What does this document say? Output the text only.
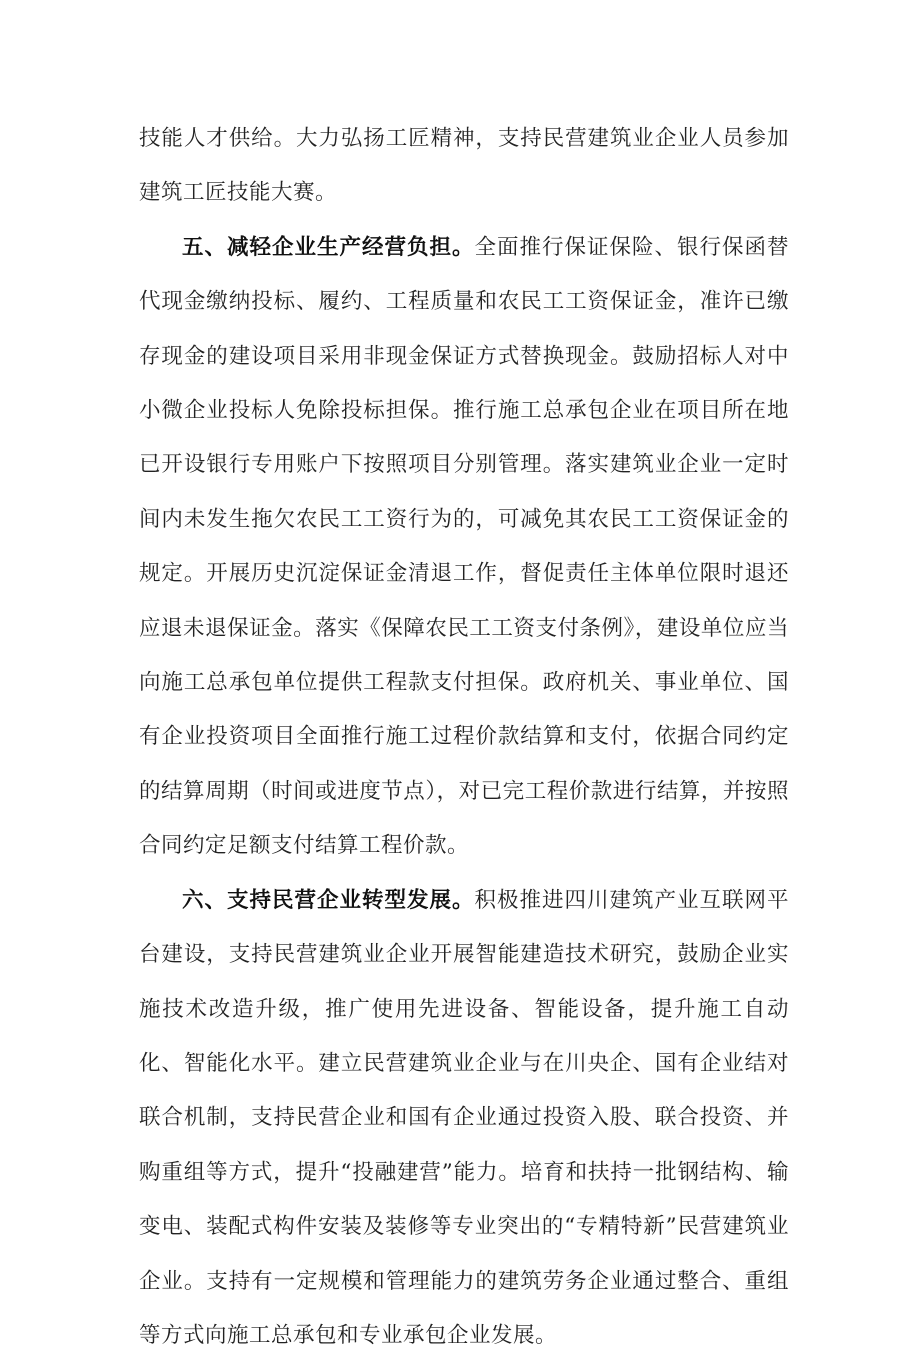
技能人才供给。大力弘扬工匠精神，支持民营建筑业企业人员参加建筑工匠技能大赛。

五、减轻企业生产经营负担。全面推行保证保险、银行保函替代现金缴纳投标、履约、工程质量和农民工工资保证金，准许已缴存现金的建设项目采用非现金保证方式替换现金。鼓励招标人对中小微企业投标人免除投标担保。推行施工总承包企业在项目所在地已开设银行专用账户下按照项目分别管理。落实建筑业企业一定时间内未发生拖欠农民工工资行为的，可减免其农民工工资保证金的规定。开展历史沉淀保证金清退工作，督促责任主体单位限时退还应退未退保证金。落实《保障农民工工资支付条例》，建设单位应当向施工总承包单位提供工程款支付担保。政府机关、事业单位、国有企业投资项目全面推行施工过程价款结算和支付，依据合同约定的结算周期（时间或进度节点），对已完工程价款进行结算，并按照合同约定足额支付结算工程价款。

六、支持民营企业转型发展。积极推进四川建筑产业互联网平台建设，支持民营建筑业企业开展智能建造技术研究，鼓励企业实施技术改造升级，推广使用先进设备、智能设备，提升施工自动化、智能化水平。建立民营建筑业企业与在川央企、国有企业结对联合机制，支持民营企业和国有企业通过投资入股、联合投资、并购重组等方式，提升“投融建营”能力。培育和扶持一批钢结构、输变电、装配式构件安装及装修等专业突出的“专精特新”民营建筑业企业。支持有一定规模和管理能力的建筑劳务企业通过整合、重组等方式向施工总承包和专业承包企业发展。
